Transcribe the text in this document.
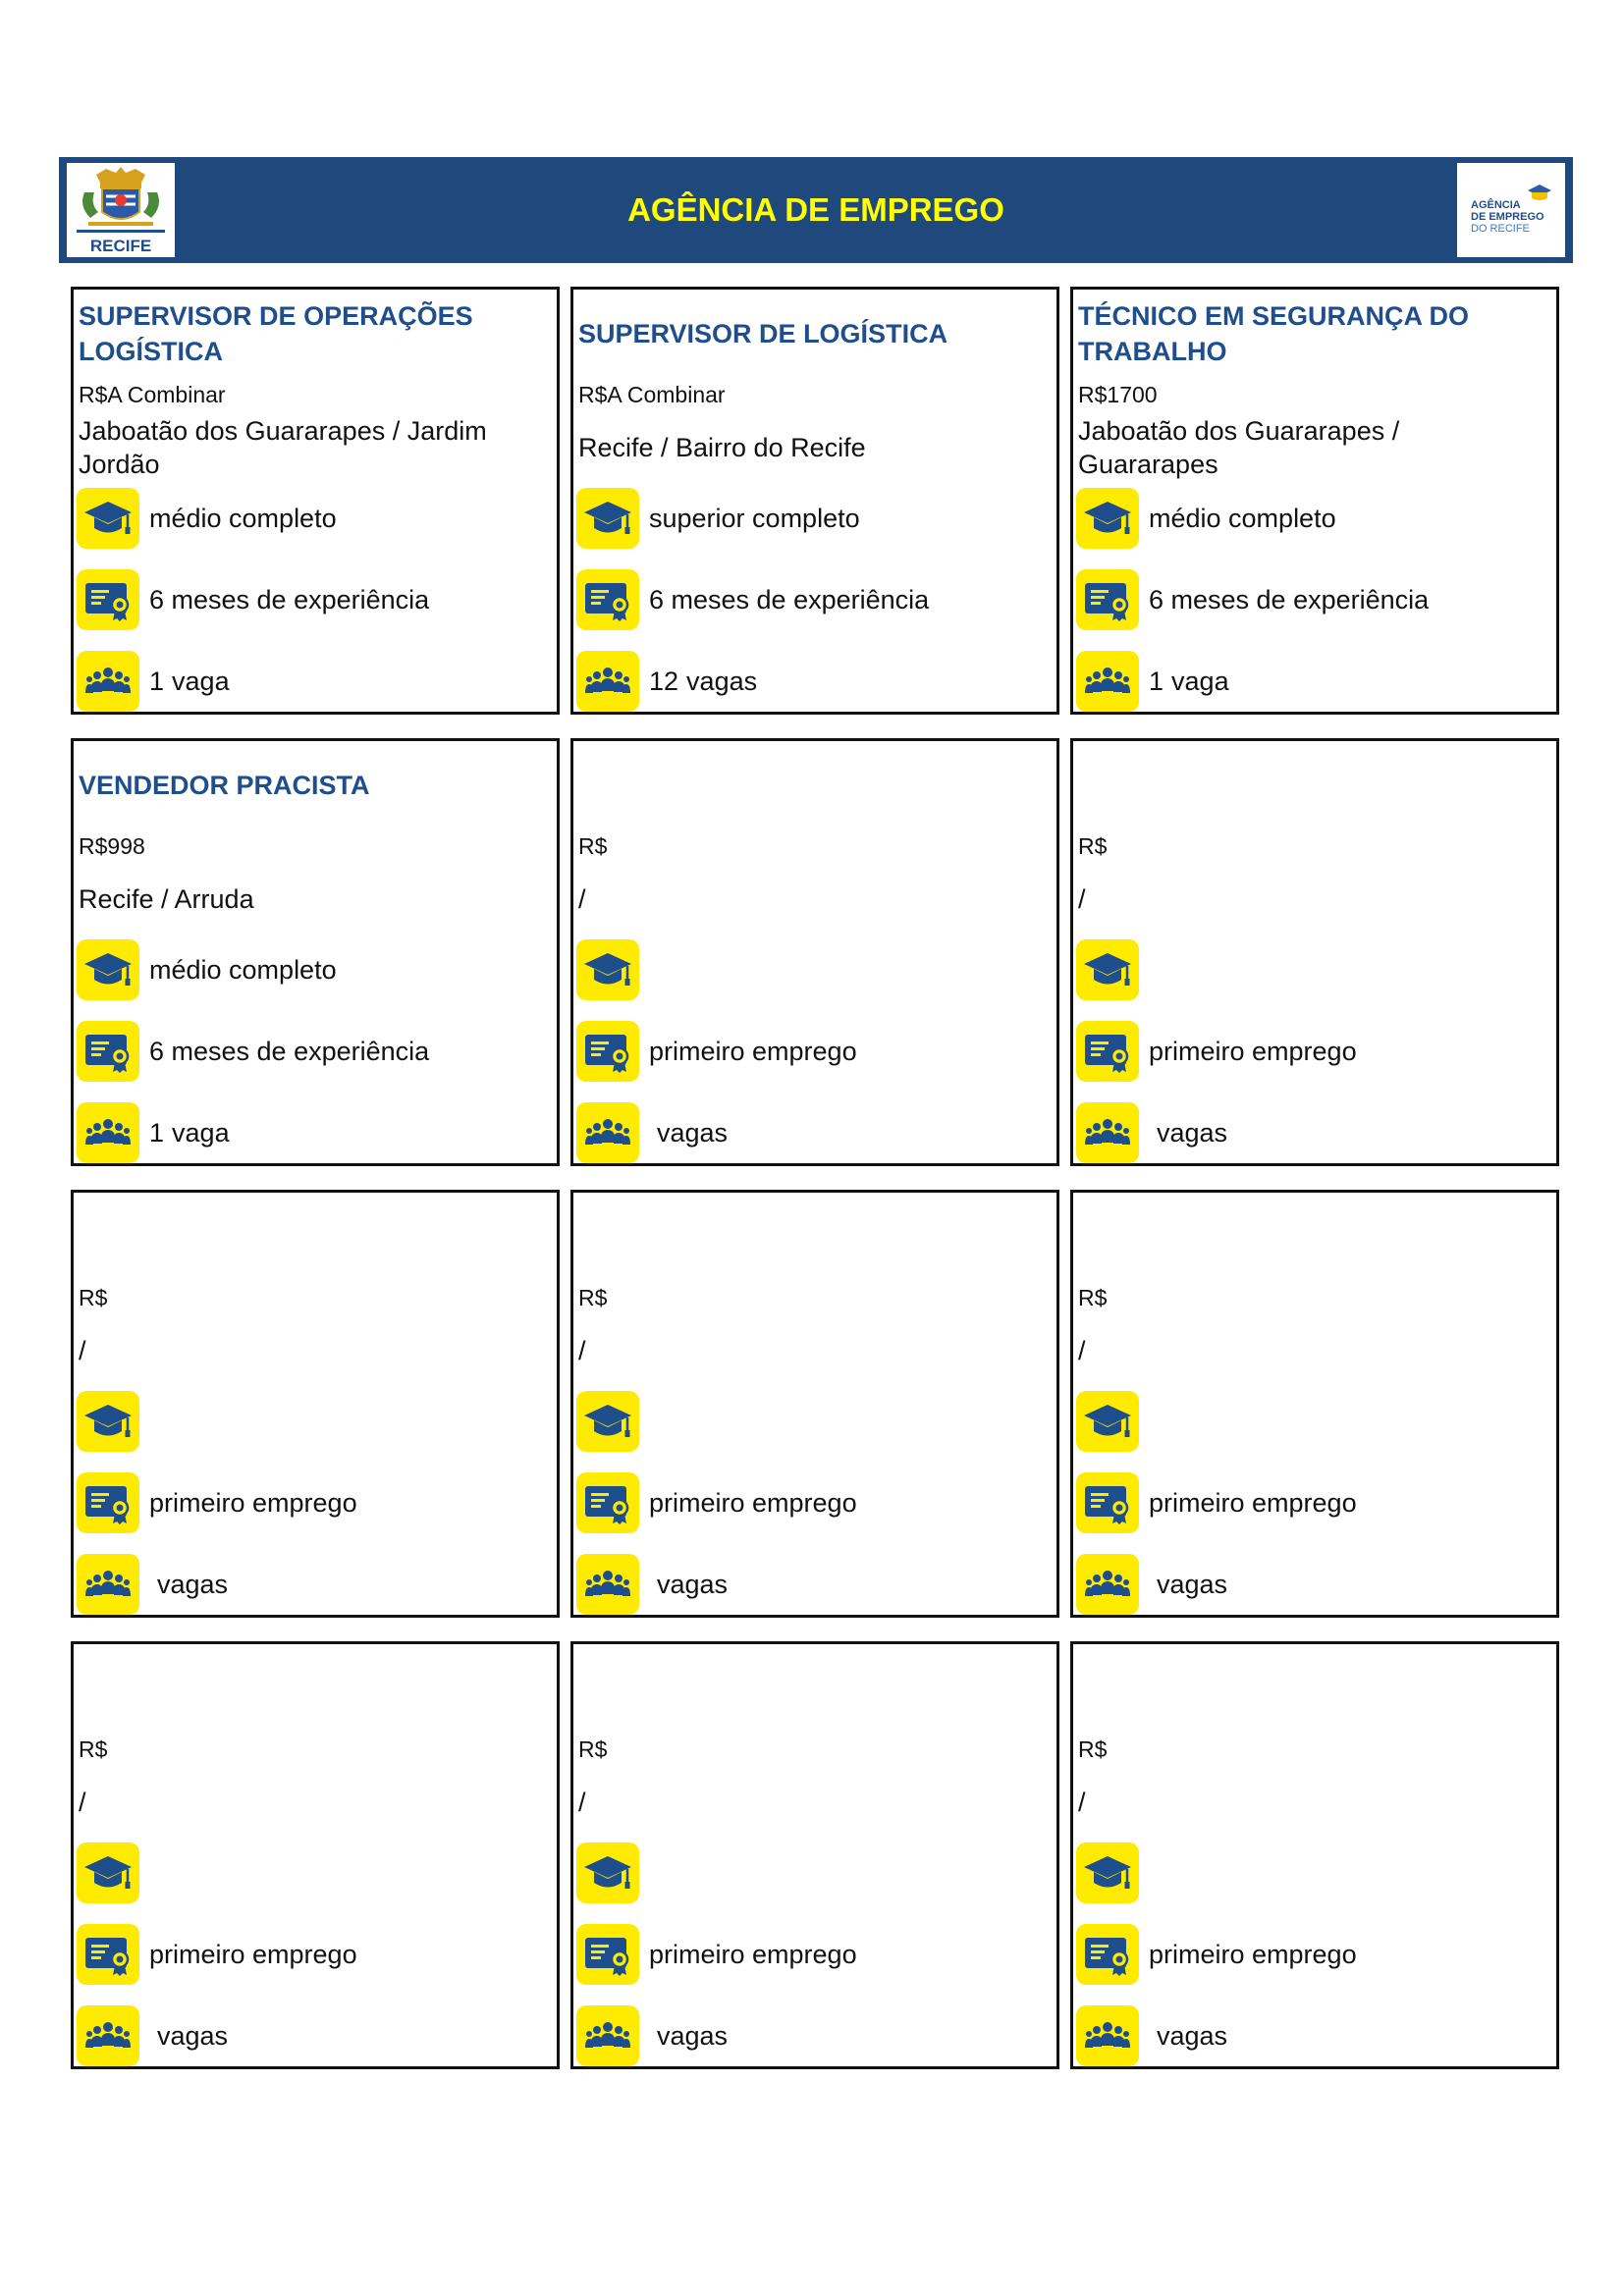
RECIFE
AGÊNCIA DE EMPREGO	AGÊNCIA
DE EMPREGO
DO RECIFE
SUPERVISOR DE OPERAÇÕES LOGÍSTICA
R$A Combinar
Jaboatão dos Guararapes / Jardim Jordão
médio completo
6 meses de experiência
1 vaga
SUPERVISOR DE LOGÍSTICA
R$A Combinar
Recife / Bairro do Recife
superior completo
6 meses de experiência
12 vagas
TÉCNICO EM SEGURANÇA DO TRABALHO
R$1700
Jaboatão dos Guararapes / Guararapes
médio completo
6 meses de experiência
1 vaga
VENDEDOR PRACISTA
R$998
Recife / Arruda
médio completo
6 meses de experiência
1 vaga
R$
/
primeiro emprego
vagas
R$
/
primeiro emprego
vagas
R$
/
primeiro emprego
vagas
R$
/
primeiro emprego
vagas
R$
/
primeiro emprego
vagas
R$
/
primeiro emprego
vagas
R$
/
primeiro emprego
vagas
R$
/
primeiro emprego
vagas
